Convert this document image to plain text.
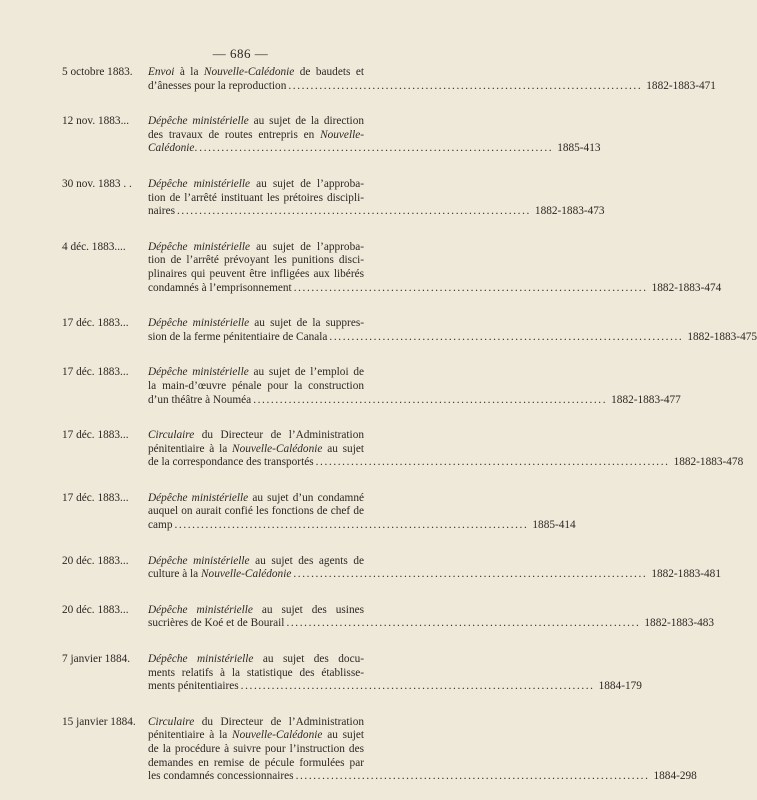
— 686 —
5 octobre 1883. Envoi à la Nouvelle-Calédonie de baudets et
d’ânesses pour la reproduction ................................................................................ 1882-1883-471
12 nov. 1883... Dépêche ministérielle au sujet de la direction
des travaux de routes entrepris en Nouvelle-
Calédonie. ................................................................................ 1885-413
30 nov. 1883 . . Dépêche ministérielle au sujet de l’approba-
tion de l’arrêté instituant les prétoires discipli-
naires ................................................................................ 1882-1883-473
4 déc. 1883.... Dépêche ministérielle au sujet de l’approba-
tion de l’arrêté prévoyant les punitions disci-
plinaires qui peuvent être infligées aux libérés
condamnés à l’emprisonnement ................................................................................ 1882-1883-474
17 déc. 1883... Dépêche ministérielle au sujet de la suppres-
sion de la ferme pénitentiaire de Canala ................................................................................ 1882-1883-475
17 déc. 1883... Dépêche ministérielle au sujet de l’emploi de
la main-d’œuvre pénale pour la construction
d’un théâtre à Nouméa ................................................................................ 1882-1883-477
17 déc. 1883... Circulaire du Directeur de l’Administration
pénitentiaire à la Nouvelle-Calédonie au sujet
de la correspondance des transportés ................................................................................ 1882-1883-478
17 déc. 1883... Dépêche ministérielle au sujet d’un condamné
auquel on aurait confié les fonctions de chef de
camp ................................................................................ 1885-414
20 déc. 1883... Dépêche ministérielle au sujet des agents de
culture à la Nouvelle-Calédonie ................................................................................ 1882-1883-481
20 déc. 1883... Dépêche ministérielle au sujet des usines
sucrières de Koé et de Bourail ................................................................................ 1882-1883-483
7 janvier 1884. Dépêche ministérielle au sujet des docu-
ments relatifs à la statistique des établisse-
ments pénitentiaires ................................................................................ 1884-179
15 janvier 1884. Circulaire du Directeur de l’Administration
pénitentiaire à la Nouvelle-Calédonie au sujet
de la procédure à suivre pour l’instruction des
demandes en remise de pécule formulées par
les condamnés concessionnaires ................................................................................ 1884-298
